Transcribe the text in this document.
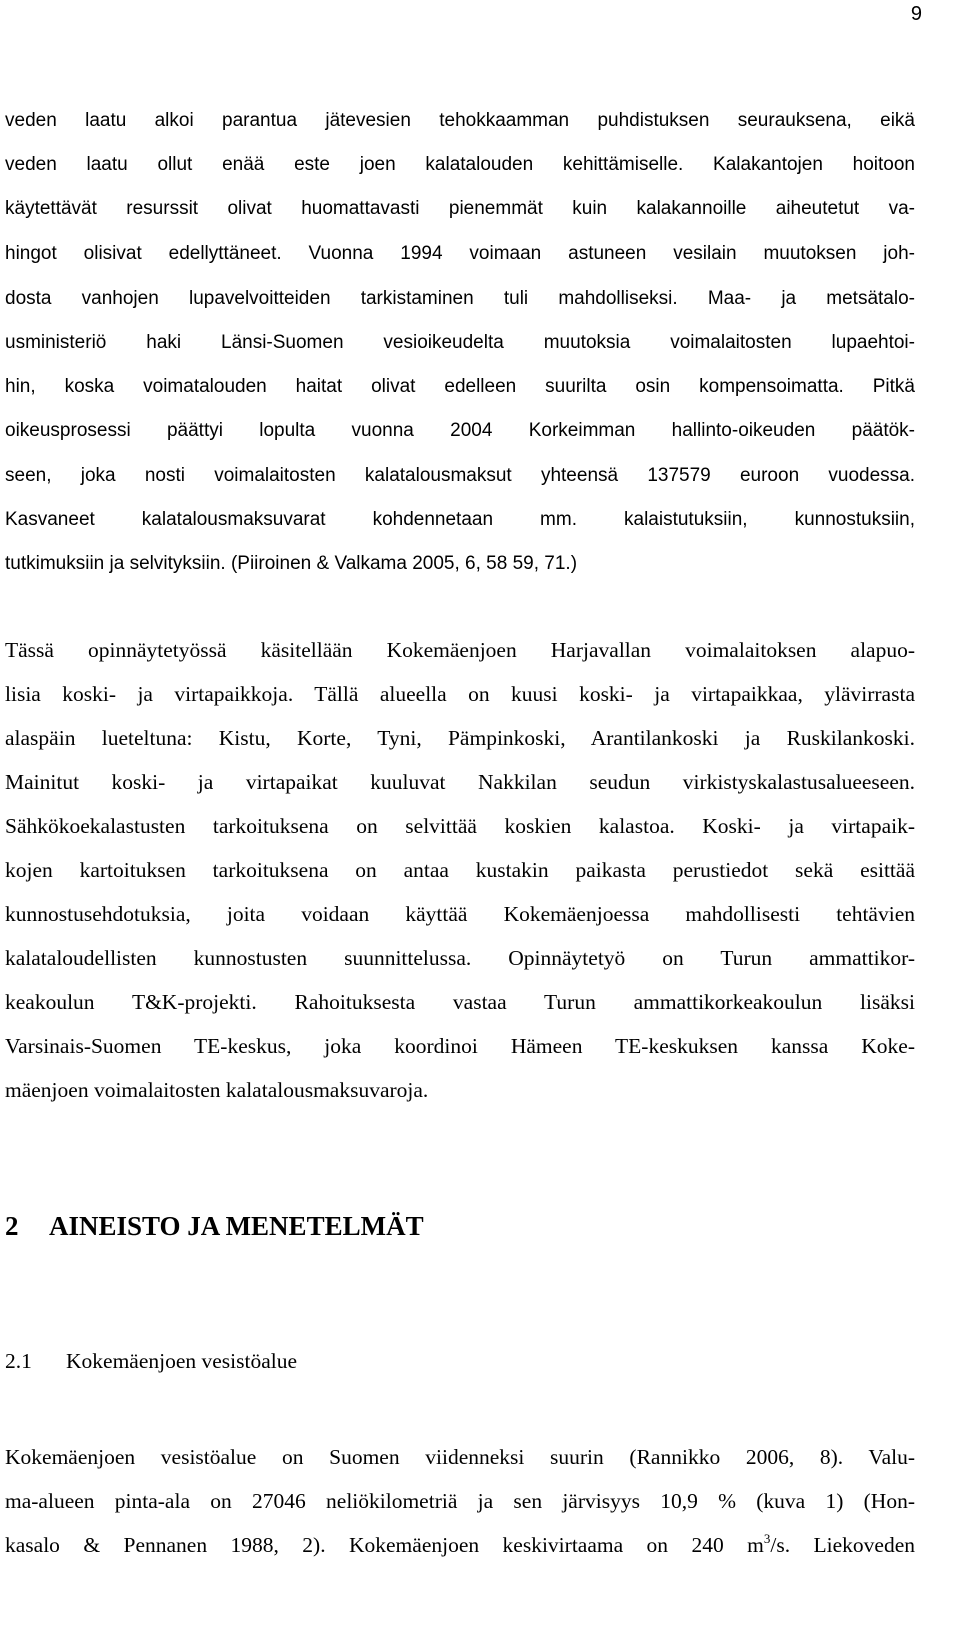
9
veden laatu alkoi parantua jätevesien tehokkaamman puhdistuksen seurauksena, eikä
veden laatu ollut enää este joen kalatalouden kehittämiselle. Kalakantojen hoitoon
käytettävät resurssit olivat huomattavasti pienemmät kuin kalakannoille aiheutetut va-
hingot olisivat edellyttäneet. Vuonna 1994 voimaan astuneen vesilain muutoksen joh-
dosta vanhojen lupavelvoitteiden tarkistaminen tuli mahdolliseksi. Maa- ja metsätalo-
usministeriö haki Länsi-Suomen vesioikeudelta muutoksia voimalaitosten lupaehtoi-
hin, koska voimatalouden haitat olivat edelleen suurilta osin kompensoimatta. Pitkä
oikeusprosessi päättyi lopulta vuonna 2004 Korkeimman hallinto-oikeuden päätök-
seen, joka nosti voimalaitosten kalatalousmaksut yhteensä 137579 euroon vuodessa.
Kasvaneet kalatalousmaksuvarat kohdennetaan mm. kalaistutuksiin, kunnostuksiin,
tutkimuksiin ja selvityksiin. (Piiroinen & Valkama 2005, 6, 58 59, 71.)
Tässä opinnäytetyössä käsitellään Kokemäenjoen Harjavallan voimalaitoksen alapuo-
lisia koski- ja virtapaikkoja. Tällä alueella on kuusi koski- ja virtapaikkaa, ylävirrasta
alaspäin lueteltuna: Kistu, Korte, Tyni, Pämpinkoski, Arantilankoski ja Ruskilankoski.
Mainitut koski- ja virtapaikat kuuluvat Nakkilan seudun virkistyskalastusalueeseen.
Sähkökoekalastusten tarkoituksena on selvittää koskien kalastoa. Koski- ja virtapaik-
kojen kartoituksen tarkoituksena on antaa kustakin paikasta perustiedot sekä esittää
kunnostusehdotuksia, joita voidaan käyttää Kokemäenjoessa mahdollisesti tehtävien
kalataloudellisten kunnostusten suunnittelussa. Opinnäytetyö on Turun ammattikor-
keakoulun T&K-projekti. Rahoituksesta vastaa Turun ammattikorkeakoulun lisäksi
Varsinais-Suomen TE-keskus, joka koordinoi Hämeen TE-keskuksen kanssa Koke-
mäenjoen voimalaitosten kalatalousmaksuvaroja.
2 AINEISTO JA MENETELMÄT
2.1 Kokemäenjoen vesistöalue
Kokemäenjoen vesistöalue on Suomen viidenneksi suurin (Rannikko 2006, 8). Valu-
ma-alueen pinta-ala on 27046 neliökilometriä ja sen järvisyys 10,9 % (kuva 1) (Hon-
kasalo & Pennanen 1988, 2). Kokemäenjoen keskivirtaama on 240 $m^3/s$. Liekoveden
